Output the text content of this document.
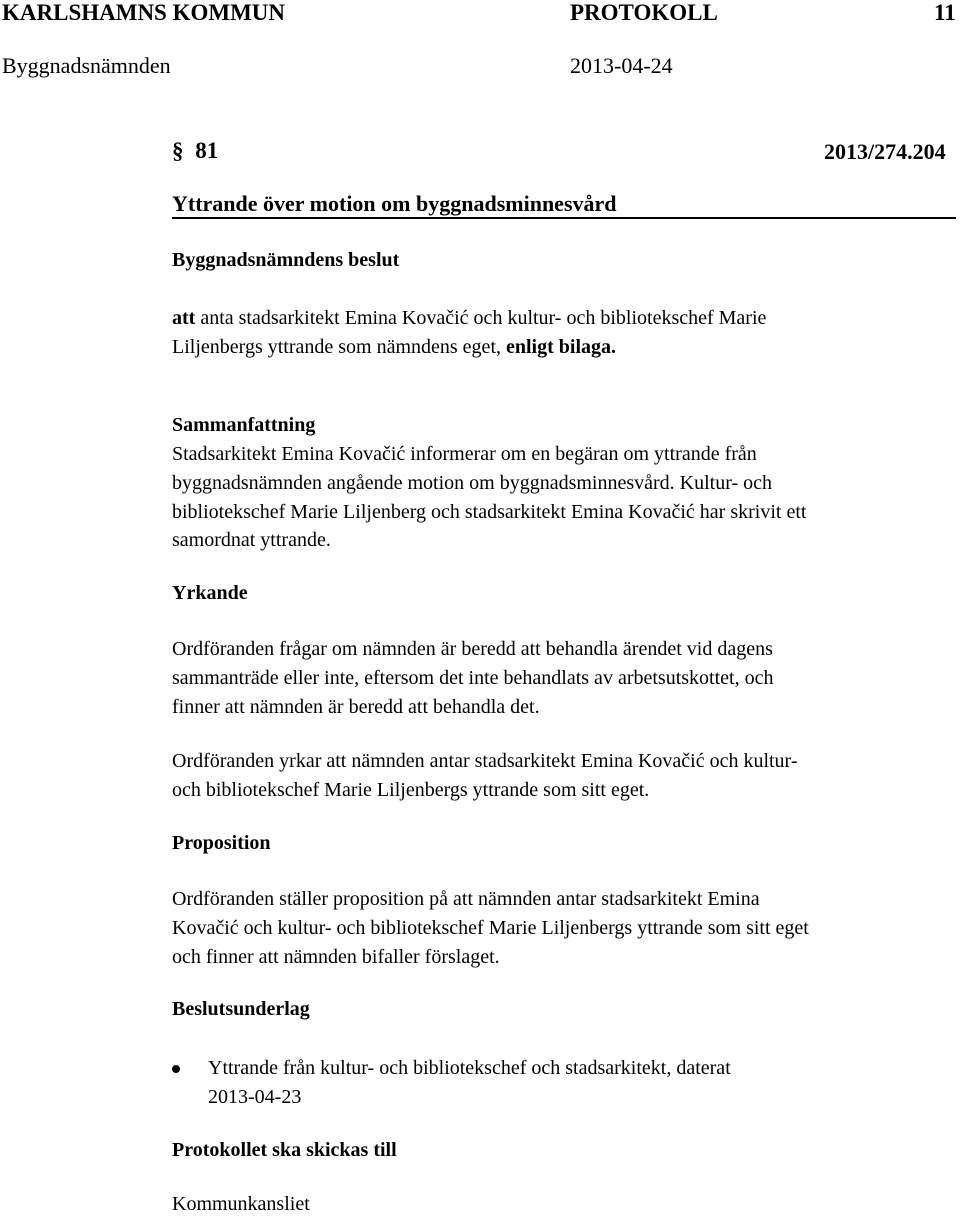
KARLSHAMNS KOMMUN	PROTOKOLL	11
Byggnadsnämnden	2013-04-24
§ 81	2013/274.204
Yttrande över motion om byggnadsminnesvård
Byggnadsnämndens beslut
att anta stadsarkitekt Emina Kovačić och kultur- och bibliotekschef Marie
Liljenbergs yttrande som nämndens eget, enligt bilaga.
Sammanfattning
Stadsarkitekt Emina Kovačić informerar om en begäran om yttrande från
byggnadsnämnden angående motion om byggnadsminnesvård. Kultur- och
bibliotekschef Marie Liljenberg och stadsarkitekt Emina Kovačić har skrivit ett
samordnat yttrande.
Yrkande
Ordföranden frågar om nämnden är beredd att behandla ärendet vid dagens
sammanträde eller inte, eftersom det inte behandlats av arbetsutskottet, och
finner att nämnden är beredd att behandla det.
Ordföranden yrkar att nämnden antar stadsarkitekt Emina Kovačić och kultur-
och bibliotekschef Marie Liljenbergs yttrande som sitt eget.
Proposition
Ordföranden ställer proposition på att nämnden antar stadsarkitekt Emina
Kovačić och kultur- och bibliotekschef Marie Liljenbergs yttrande som sitt eget
och finner att nämnden bifaller förslaget.
Beslutsunderlag
Yttrande från kultur- och bibliotekschef och stadsarkitekt, daterat
2013-04-23
Protokollet ska skickas till
Kommunkansliet
